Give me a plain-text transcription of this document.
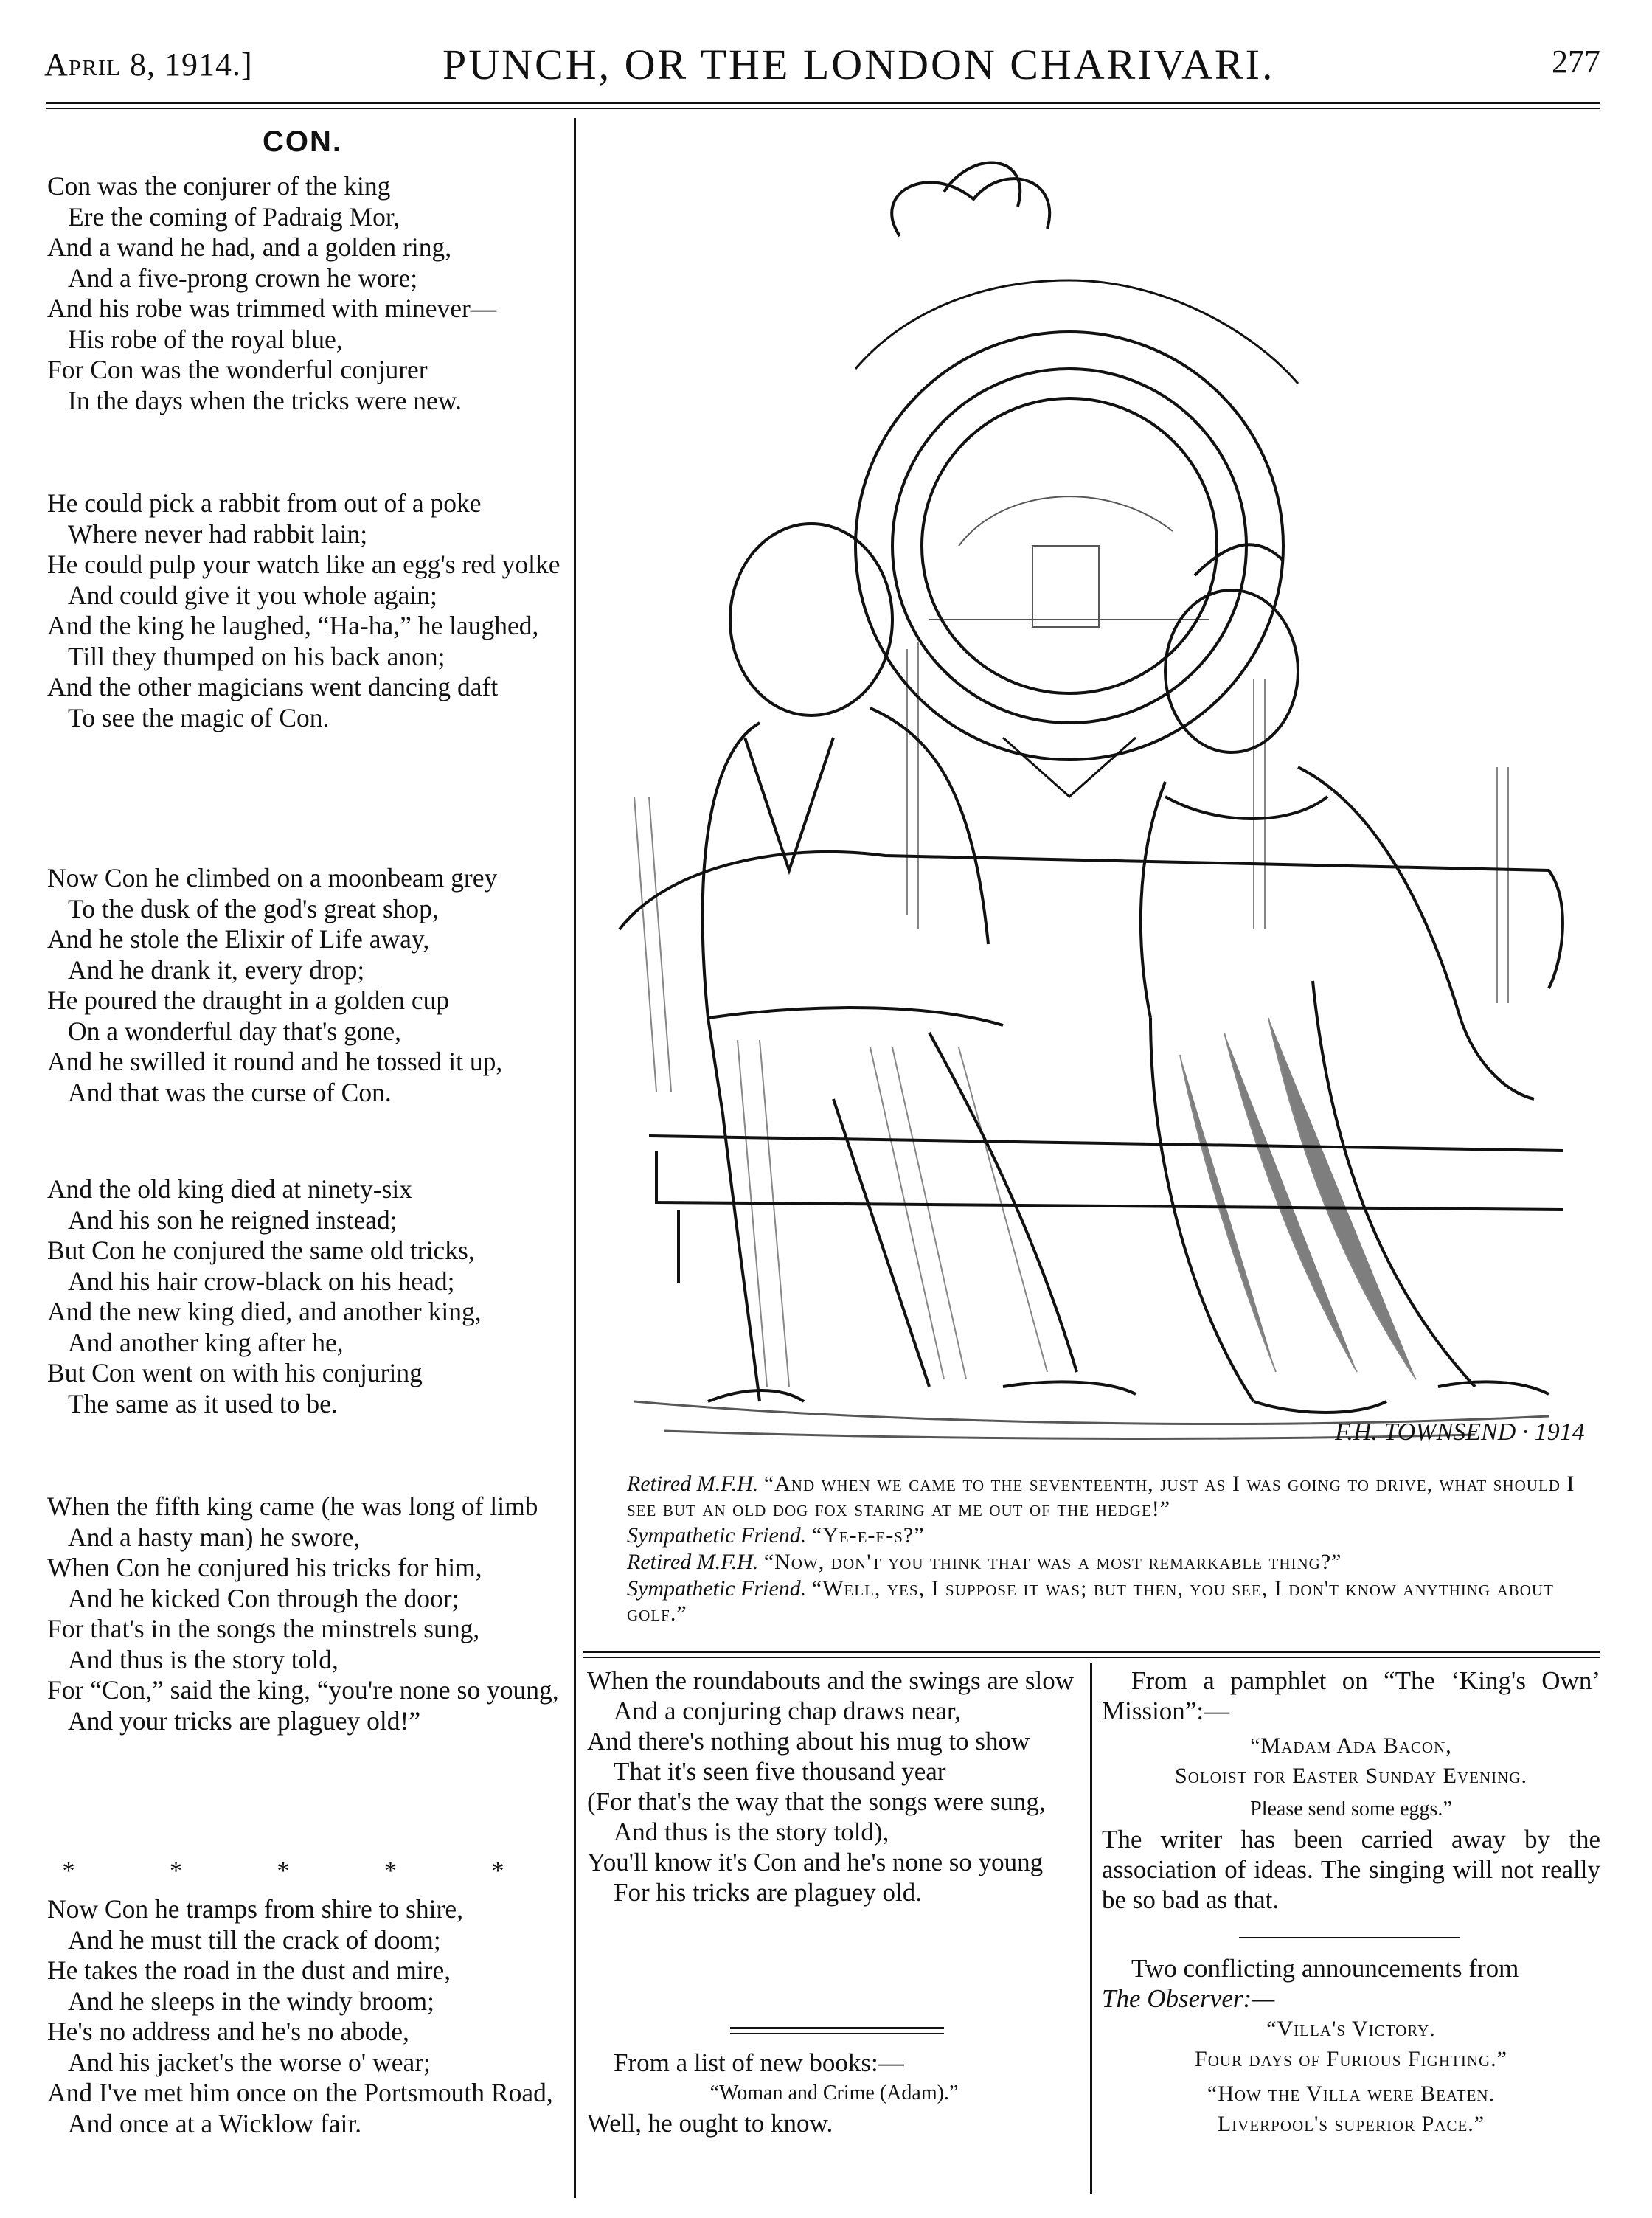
April 8, 1914.]	PUNCH, OR THE LONDON CHARIVARI.	277
CON.
Con was the conjurer of the king
Ere the coming of Padraig Mor,
And a wand he had, and a golden ring,
And a five-prong crown he wore;
And his robe was trimmed with minever—
His robe of the royal blue,
For Con was the wonderful conjurer
In the days when the tricks were new.
He could pick a rabbit from out of a poke
Where never had rabbit lain;
He could pulp your watch like an egg's red yolke
And could give it you whole again;
And the king he laughed, “Ha-ha,” he laughed,
Till they thumped on his back anon;
And the other magicians went dancing daft
To see the magic of Con.
Now Con he climbed on a moonbeam grey
To the dusk of the god's great shop,
And he stole the Elixir of Life away,
And he drank it, every drop;
He poured the draught in a golden cup
On a wonderful day that's gone,
And he swilled it round and he tossed it up,
And that was the curse of Con.
And the old king died at ninety-six
And his son he reigned instead;
But Con he conjured the same old tricks,
And his hair crow-black on his head;
And the new king died, and another king,
And another king after he,
But Con went on with his conjuring
The same as it used to be.
When the fifth king came (he was long of limb
And a hasty man) he swore,
When Con he conjured his tricks for him,
And he kicked Con through the door;
For that's in the songs the minstrels sung,
And thus is the story told,
For “Con,” said the king, “you're none so young,
And your tricks are plaguey old!”
* * * * *
Now Con he tramps from shire to shire,
And he must till the crack of doom;
He takes the road in the dust and mire,
And he sleeps in the windy broom;
He's no address and he's no abode,
And his jacket's the worse o' wear;
And I've met him once on the Portsmouth Road,
And once at a Wicklow fair.
F.H. TOWNSEND · 1914
Retired M.F.H. “And when we came to the seventeenth, just as I was going to drive, what should I see but an old dog fox staring at me out of the hedge!”
Sympathetic Friend. “Ye-e-e-s?”
Retired M.F.H. “Now, don't you think that was a most remarkable thing?”
Sympathetic Friend. “Well, yes, I suppose it was; but then, you see, I don't know anything about golf.”
When the roundabouts and the swings are slow
And a conjuring chap draws near,
And there's nothing about his mug to show
That it's seen five thousand year
(For that's the way that the songs were sung,
And thus is the story told),
You'll know it's Con and he's none so young
For his tricks are plaguey old.
From a list of new books:—
“Woman and Crime (Adam).”
Well, he ought to know.
From a pamphlet on “The ‘King's Own’ Mission”:—
“Madam Ada Bacon,
Soloist for Easter Sunday Evening.
Please send some eggs.”
The writer has been carried away by the association of ideas. The singing will not really be so bad as that.
Two conflicting announcements from
The Observer:—
“Villa's Victory.
Four days of Furious Fighting.”
“How the Villa were Beaten.
Liverpool's superior Pace.”
